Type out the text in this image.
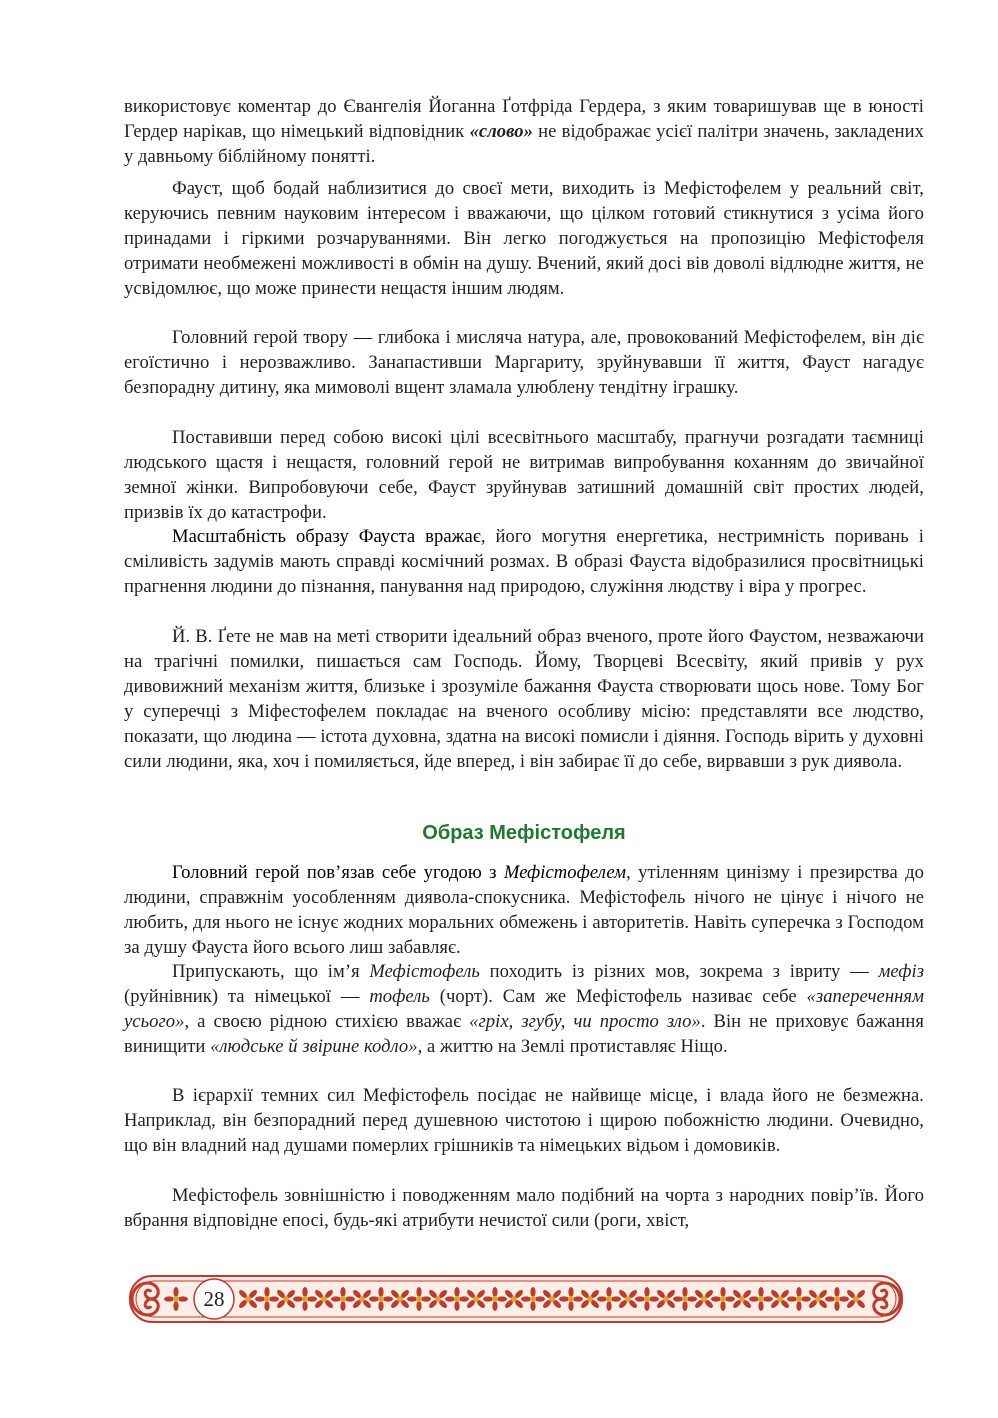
використовує коментар до Євангелія Йоганна Ґотфріда Гердера, з яким товаришував ще в юності Гердер нарікав, що німецький відповідник «слово» не відображає усієї палітри значень, закладених у давньому біблійному понятті.

Фауст, щоб бодай наблизитися до своєї мети, виходить із Мефістофелем у реальний світ, керуючись певним науковим інтересом і вважаючи, що цілком готовий стикнутися з усіма його принадами і гіркими розчаруваннями. Він легко погоджується на пропозицію Мефістофеля отримати необмежені можливості в обмін на душу. Вчений, який досі вів доволі відлюдне життя, не усвідомлює, що може принести нещастя іншим людям.

Головний герой твору — глибока і мисляча натура, але, провокований Мефістофелем, він діє егоїстично і нерозважливо. Занапастивши Маргариту, зруйнувавши її життя, Фауст нагадує безпорадну дитину, яка мимоволі вщент зламала улюблену тендітну іграшку.

Поставивши перед собою високі цілі всесвітнього масштабу, прагнучи розгадати таємниці людського щастя і нещастя, головний герой не витримав випробування коханням до звичайної земної жінки. Випробовуючи себе, Фауст зруйнував затишний домашній світ простих людей, призвів їх до катастрофи.

Масштабність образу Фауста вражає, його могутня енергетика, нестримність поривань і сміливість задумів мають справді космічний розмах. В образі Фауста відобразилися просвітницькі прагнення людини до пізнання, панування над природою, служіння людству і віра у прогрес.

Й. В. Ґете не мав на меті створити ідеальний образ вченого, проте його Фаустом, незважаючи на трагічні помилки, пишається сам Господь. Йому, Творцеві Всесвіту, який привів у рух дивовижний механізм життя, близьке і зрозуміле бажання Фауста створювати щось нове. Тому Бог у суперечці з Міфестофелем покладає на вченого особливу місію: представляти все людство, показати, що людина — істота духовна, здатна на високі помисли і діяння. Господь вірить у духовні сили людини, яка, хоч і помиляється, йде вперед, і він забирає її до себе, вирвавши з рук диявола.

Образ Мефістофеля

Головний герой пов’язав себе угодою з Мефістофелем, утіленням цинізму і презирства до людини, справжнім уособленням диявола-спокусника. Мефістофель нічого не цінує і нічого не любить, для нього не існує жодних моральних обмежень і авторитетів. Навіть суперечка з Господом за душу Фауста його всього лиш забавляє.

Припускають, що ім’я Мефістофель походить із різних мов, зокрема з івриту — мефіз (руйнівник) та німецької — тофель (чорт). Сам же Мефістофель називає себе «запереченням усього», а своєю рідною стихією вважає «гріх, згубу, чи просто зло». Він не приховує бажання винищити «людське й звірине кодло», а життю на Землі протиставляє Ніщо.

В ієрархії темних сил Мефістофель посідає не найвище місце, і влада його не безмежна. Наприклад, він безпорадний перед душевною чистотою і щирою побожністю людини. Очевидно, що він владний над душами померлих грішників та німецьких відьом і домовиків.

Мефістофель зовнішністю і поводженням мало подібний на чорта з народних повір’їв. Його вбрання відповідне епосі, будь-які атрибути нечистої сили (роги, хвіст,

28
